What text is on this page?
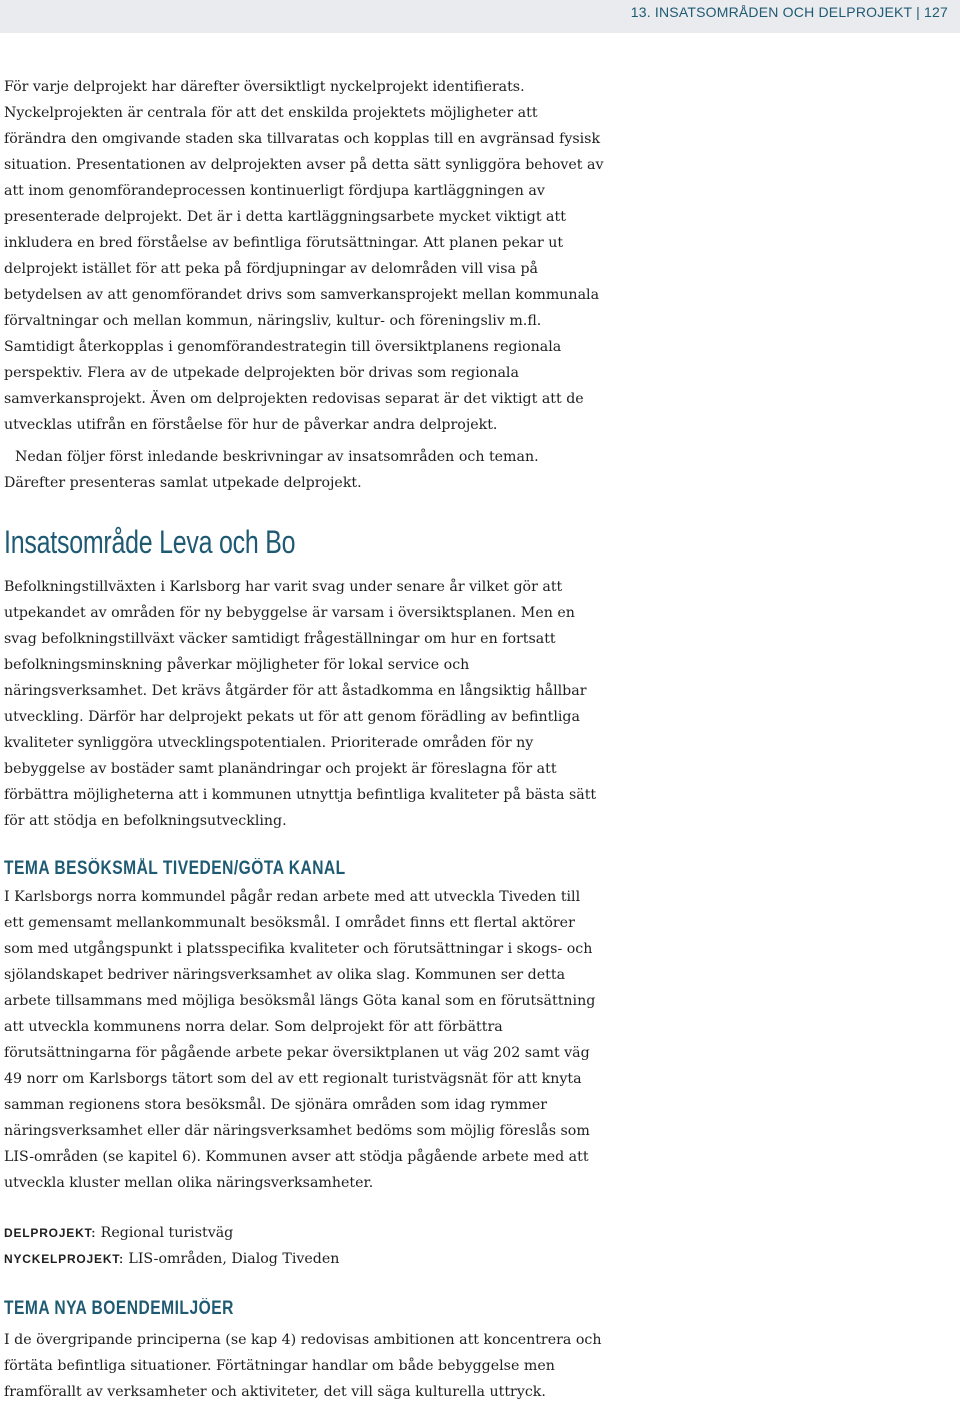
13. INSATSOMRÅDEN OCH DELPROJEKT | 127

För varje delprojekt har därefter översiktligt nyckelprojekt identifierats. Nyckelprojekten är centrala för att det enskilda projektets möjligheter att förändra den omgivande staden ska tillvaratas och kopplas till en avgränsad fysisk situation. Presentationen av delprojekten avser på detta sätt synliggöra behovet av att inom genomförandeprocessen kontinuerligt fördjupa kartläggningen av presenterade delprojekt. Det är i detta kartläggningsarbete mycket viktigt att inkludera en bred förståelse av befintliga förutsättningar. Att planen pekar ut delprojekt istället för att peka på fördjupningar av delområden vill visa på betydelsen av att genomförandet drivs som samverkansprojekt mellan kommunala förvaltningar och mellan kommun, näringsliv, kultur- och föreningsliv m.fl. Samtidigt återkopplas i genomförandestrategin till översiktplanens regionala perspektiv. Flera av de utpekade delprojekten bör drivas som regionala samverkansprojekt. Även om delprojekten redovisas separat är det viktigt att de utvecklas utifrån en förståelse för hur de påverkar andra delprojekt.

Nedan följer först inledande beskrivningar av insatsområden och teman. Därefter presenteras samlat utpekade delprojekt.

Insatsområde Leva och Bo

Befolkningstillväxten i Karlsborg har varit svag under senare år vilket gör att utpekandet av områden för ny bebyggelse är varsam i översiktsplanen. Men en svag befolkningstillväxt väcker samtidigt frågeställningar om hur en fortsatt befolkningsminskning påverkar möjligheter för lokal service och näringsverksamhet. Det krävs åtgärder för att åstadkomma en långsiktig hållbar utveckling. Därför har delprojekt pekats ut för att genom förädling av befintliga kvaliteter synliggöra utvecklingspotentialen. Prioriterade områden för ny bebyggelse av bostäder samt planändringar och projekt är föreslagna för att förbättra möjligheterna att i kommunen utnyttja befintliga kvaliteter på bästa sätt för att stödja en befolkningsutveckling.

TEMA BESÖKSMÅL TIVEDEN/GÖTA KANAL

I Karlsborgs norra kommundel pågår redan arbete med att utveckla Tiveden till ett gemensamt mellankommunalt besöksmål. I området finns ett flertal aktörer som med utgångspunkt i platsspecifika kvaliteter och förutsättningar i skogs- och sjölandskapet bedriver näringsverksamhet av olika slag. Kommunen ser detta arbete tillsammans med möjliga besöksmål längs Göta kanal som en förutsättning att utveckla kommunens norra delar. Som delprojekt för att förbättra förutsättningarna för pågående arbete pekar översiktplanen ut väg 202 samt väg 49 norr om Karlsborgs tätort som del av ett regionalt turistvägsnät för att knyta samman regionens stora besöksmål. De sjönära områden som idag rymmer näringsverksamhet eller där näringsverksamhet bedöms som möjlig föreslås som LIS-områden (se kapitel 6). Kommunen avser att stödja pågående arbete med att utveckla kluster mellan olika näringsverksamheter.

DELPROJEKT: Regional turistväg
NYCKELPROJEKT: LIS-områden, Dialog Tiveden
TEMA NYA BOENDEMILJÖER

I de övergripande principerna (se kap 4) redovisas ambitionen att koncentrera och förtäta befintliga situationer. Förtätningar handlar om både bebyggelse men framförallt av verksamheter och aktiviteter, det vill säga kulturella uttryck.
